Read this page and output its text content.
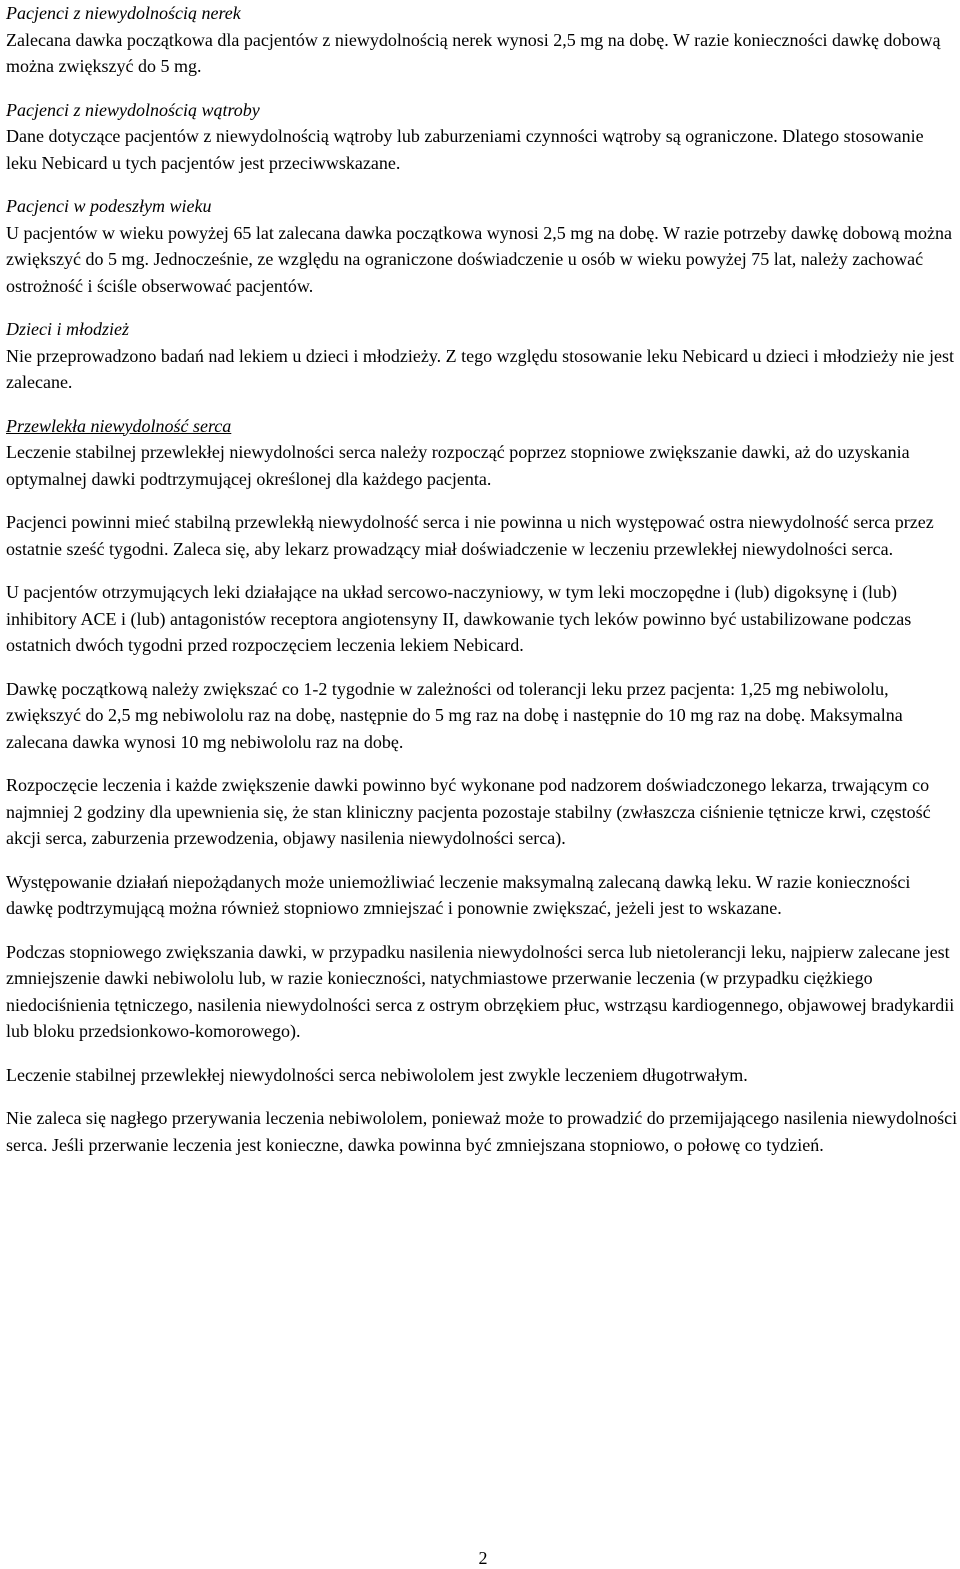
Pacjenci z niewydolnością nerek
Zalecana dawka początkowa dla pacjentów z niewydolnością nerek wynosi 2,5 mg na dobę. W razie konieczności dawkę dobową można zwiększyć do 5 mg.
Pacjenci z niewydolnością wątroby
Dane dotyczące pacjentów z niewydolnością wątroby lub zaburzeniami czynności wątroby są ograniczone. Dlatego stosowanie leku Nebicard u tych pacjentów jest przeciwwskazane.
Pacjenci w podeszłym wieku
U pacjentów w wieku powyżej 65 lat zalecana dawka początkowa wynosi 2,5 mg na dobę. W razie potrzeby dawkę dobową można zwiększyć do 5 mg. Jednocześnie, ze względu na ograniczone doświadczenie u osób w wieku powyżej 75 lat, należy zachować ostrożność i ściśle obserwować pacjentów.
Dzieci i młodzież
Nie przeprowadzono badań nad lekiem u dzieci i młodzieży. Z tego względu stosowanie leku Nebicard u dzieci i młodzieży nie jest zalecane.
Przewlekła niewydolność serca
Leczenie stabilnej przewlekłej niewydolności serca należy rozpocząć poprzez stopniowe zwiększanie dawki, aż do uzyskania optymalnej dawki podtrzymującej określonej dla każdego pacjenta.
Pacjenci powinni mieć stabilną przewlekłą niewydolność serca i nie powinna u nich występować ostra niewydolność serca przez ostatnie sześć tygodni. Zaleca się, aby lekarz prowadzący miał doświadczenie w leczeniu przewlekłej niewydolności serca.
U pacjentów otrzymujących leki działające na układ sercowo-naczyniowy, w tym leki moczopędne i (lub) digoksynę i (lub) inhibitory ACE i (lub) antagonistów receptora angiotensyny II, dawkowanie tych leków powinno być ustabilizowane podczas ostatnich dwóch tygodni przed rozpoczęciem leczenia lekiem Nebicard.
Dawkę początkową należy zwiększać co 1-2 tygodnie w zależności od tolerancji leku przez pacjenta: 1,25 mg nebiwololu, zwiększyć do 2,5 mg nebiwololu raz na dobę, następnie do 5 mg raz na dobę i następnie do 10 mg raz na dobę. Maksymalna zalecana dawka wynosi 10 mg nebiwololu raz na dobę.
Rozpoczęcie leczenia i każde zwiększenie dawki powinno być wykonane pod nadzorem doświadczonego lekarza, trwającym co najmniej 2 godziny dla upewnienia się, że stan kliniczny pacjenta pozostaje stabilny (zwłaszcza ciśnienie tętnicze krwi, częstość akcji serca, zaburzenia przewodzenia, objawy nasilenia niewydolności serca).
Występowanie działań niepożądanych może uniemożliwiać leczenie maksymalną zalecaną dawką leku. W razie konieczności dawkę podtrzymującą można również stopniowo zmniejszać i ponownie zwiększać, jeżeli jest to wskazane.
Podczas stopniowego zwiększania dawki, w przypadku nasilenia niewydolności serca lub nietolerancji leku, najpierw zalecane jest zmniejszenie dawki nebiwololu lub, w razie konieczności, natychmiastowe przerwanie leczenia (w przypadku ciężkiego niedociśnienia tętniczego, nasilenia niewydolności serca z ostrym obrzękiem płuc, wstrząsu kardiogennego, objawowej bradykardii lub bloku przedsionkowo-komorowego).
Leczenie stabilnej przewlekłej niewydolności serca nebiwololem jest zwykle leczeniem długotrwałym.
Nie zaleca się nagłego przerywania leczenia nebiwololem, ponieważ może to prowadzić do przemijającego nasilenia niewydolności serca. Jeśli przerwanie leczenia jest konieczne, dawka powinna być zmniejszana stopniowo, o połowę co tydzień.
2
